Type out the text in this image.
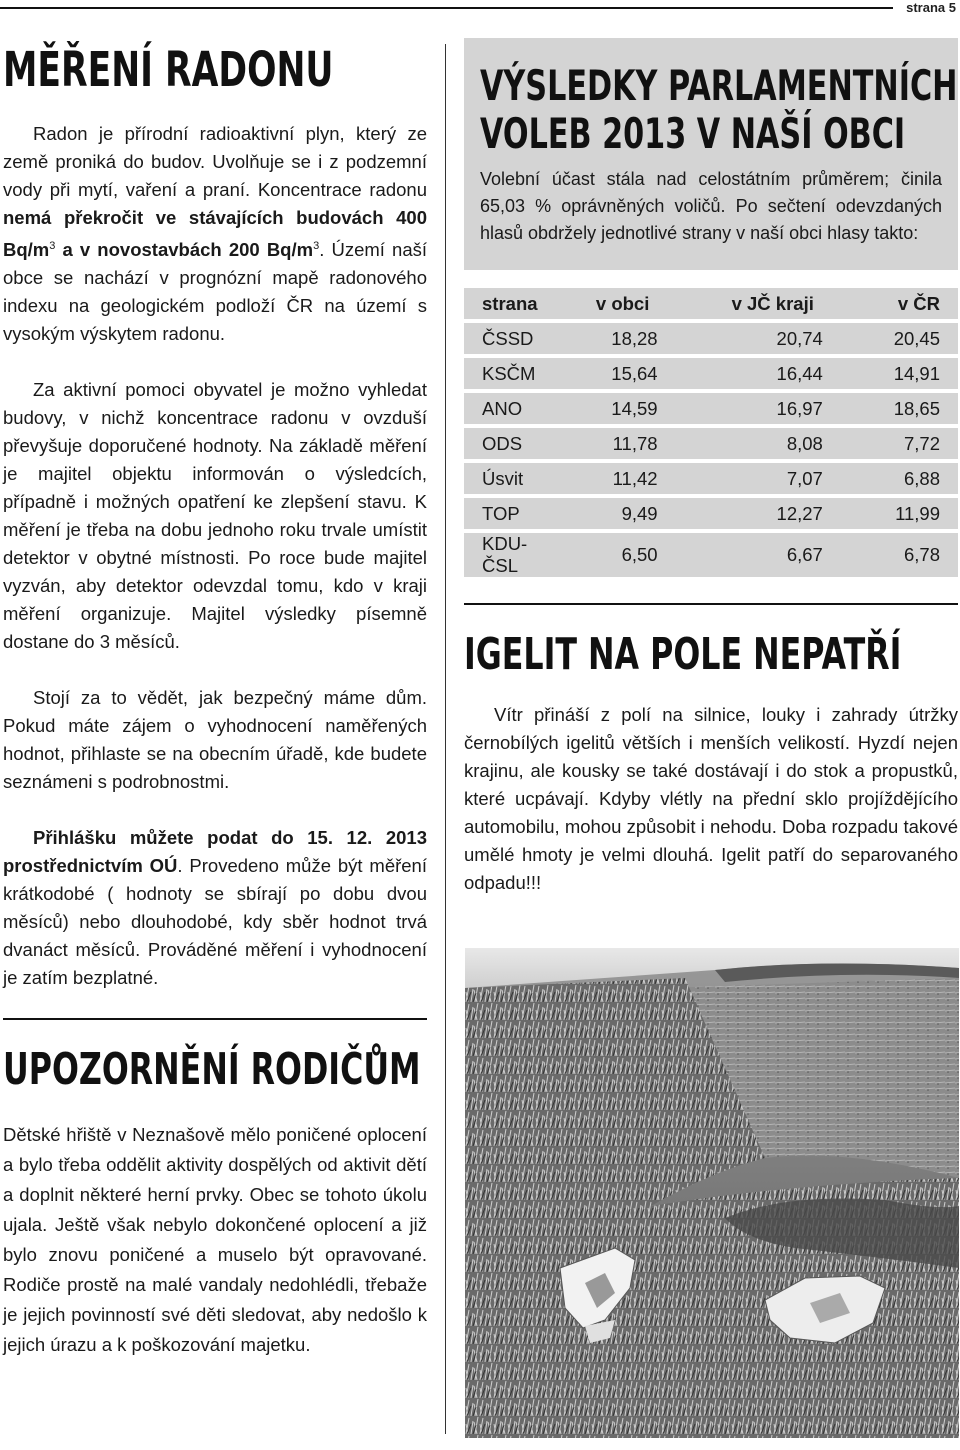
strana 5
MĚŘENÍ RADONU

Radon je přírodní radioaktivní plyn, který ze země proniká do budov. Uvolňuje se i z podzemní vody při mytí, vaření a praní. Koncentrace radonu nemá překročit ve stávajících budovách 400 $Bq/m^3$ a v novostavbách 200 $Bq/m^3$. Území naší obce se nachází v prognózní mapě radonového indexu na geologickém podloží ČR na území s vysokým výskytem radonu.

Za aktivní pomoci obyvatel je možno vyhledat budovy, v nichž koncentrace radonu v ovzduší převyšuje doporučené hodnoty. Na základě měření je majitel objektu informován o výsledcích, případně i možných opatření ke zlepšení stavu. K měření je třeba na dobu jednoho roku trvale umístit detektor v obytné místnosti. Po roce bude majitel vyzván, aby detektor odevzdal tomu, kdo v kraji měření organizuje. Majitel výsledky písemně dostane do 3 měsíců.

Stojí za to vědět, jak bezpečný máme dům. Pokud máte zájem o vyhodnocení naměřených hodnot, přihlaste se na obecním úřadě, kde budete seznámeni s podrobnostmi.

Přihlášku můžete podat do 15. 12. 2013 prostřednictvím OÚ. Provedeno může být měření krátkodobé ( hodnoty se sbírají po dobu dvou měsíců) nebo dlouhodobé, kdy sběr hodnot trvá dvanáct měsíců. Prováděné měření i vyhodnocení je zatím bezplatné.

UPOZORNĚNÍ RODIČŮM

Dětské hřiště v Neznašově mělo poničené oplocení a bylo třeba oddělit aktivity dospělých od aktivit dětí a doplnit některé herní prvky. Obec se tohoto úkolu ujala. Ještě však nebylo dokončené oplocení a již bylo znovu poničené a muselo být opravované. Rodiče prostě na malé vandaly nedohlédli, třebaže je jejich povinností své děti sledovat, aby nedošlo k jejich úrazu a k poškozování majetku.

VÝSLEDKY PARLAMENTNÍCH
VOLEB 2013 V NAŠÍ OBCI

Volební účast stála nad celostátním průměrem; činila 65,03 % oprávněných voličů. Po sečtení odevzdaných hlasů obdržely jednotlivé strany v naší obci hlasy takto:

strana	v obci	v JČ kraji	v ČR
ČSSD	18,28	20,74	20,45
KSČM	15,64	16,44	14,91
ANO	14,59	16,97	18,65
ODS	11,78	8,08	7,72
Úsvit	11,42	7,07	6,88
TOP	9,49	12,27	11,99
KDU-ČSL	6,50	6,67	6,78
IGELIT NA POLE NEPATŘÍ

Vítr přináší z polí na silnice, louky i zahrady útržky černobílých igelitů větších i menších velikostí. Hyzdí nejen krajinu, ale kousky se také dostávají i do stok a propustků, které ucpávají. Kdyby vlétly na přední sklo projíždějícího automobilu, mohou způsobit i nehodu. Doba rozpadu takové umělé hmoty je velmi dlouhá. Igelit patří do separovaného odpadu!!!
